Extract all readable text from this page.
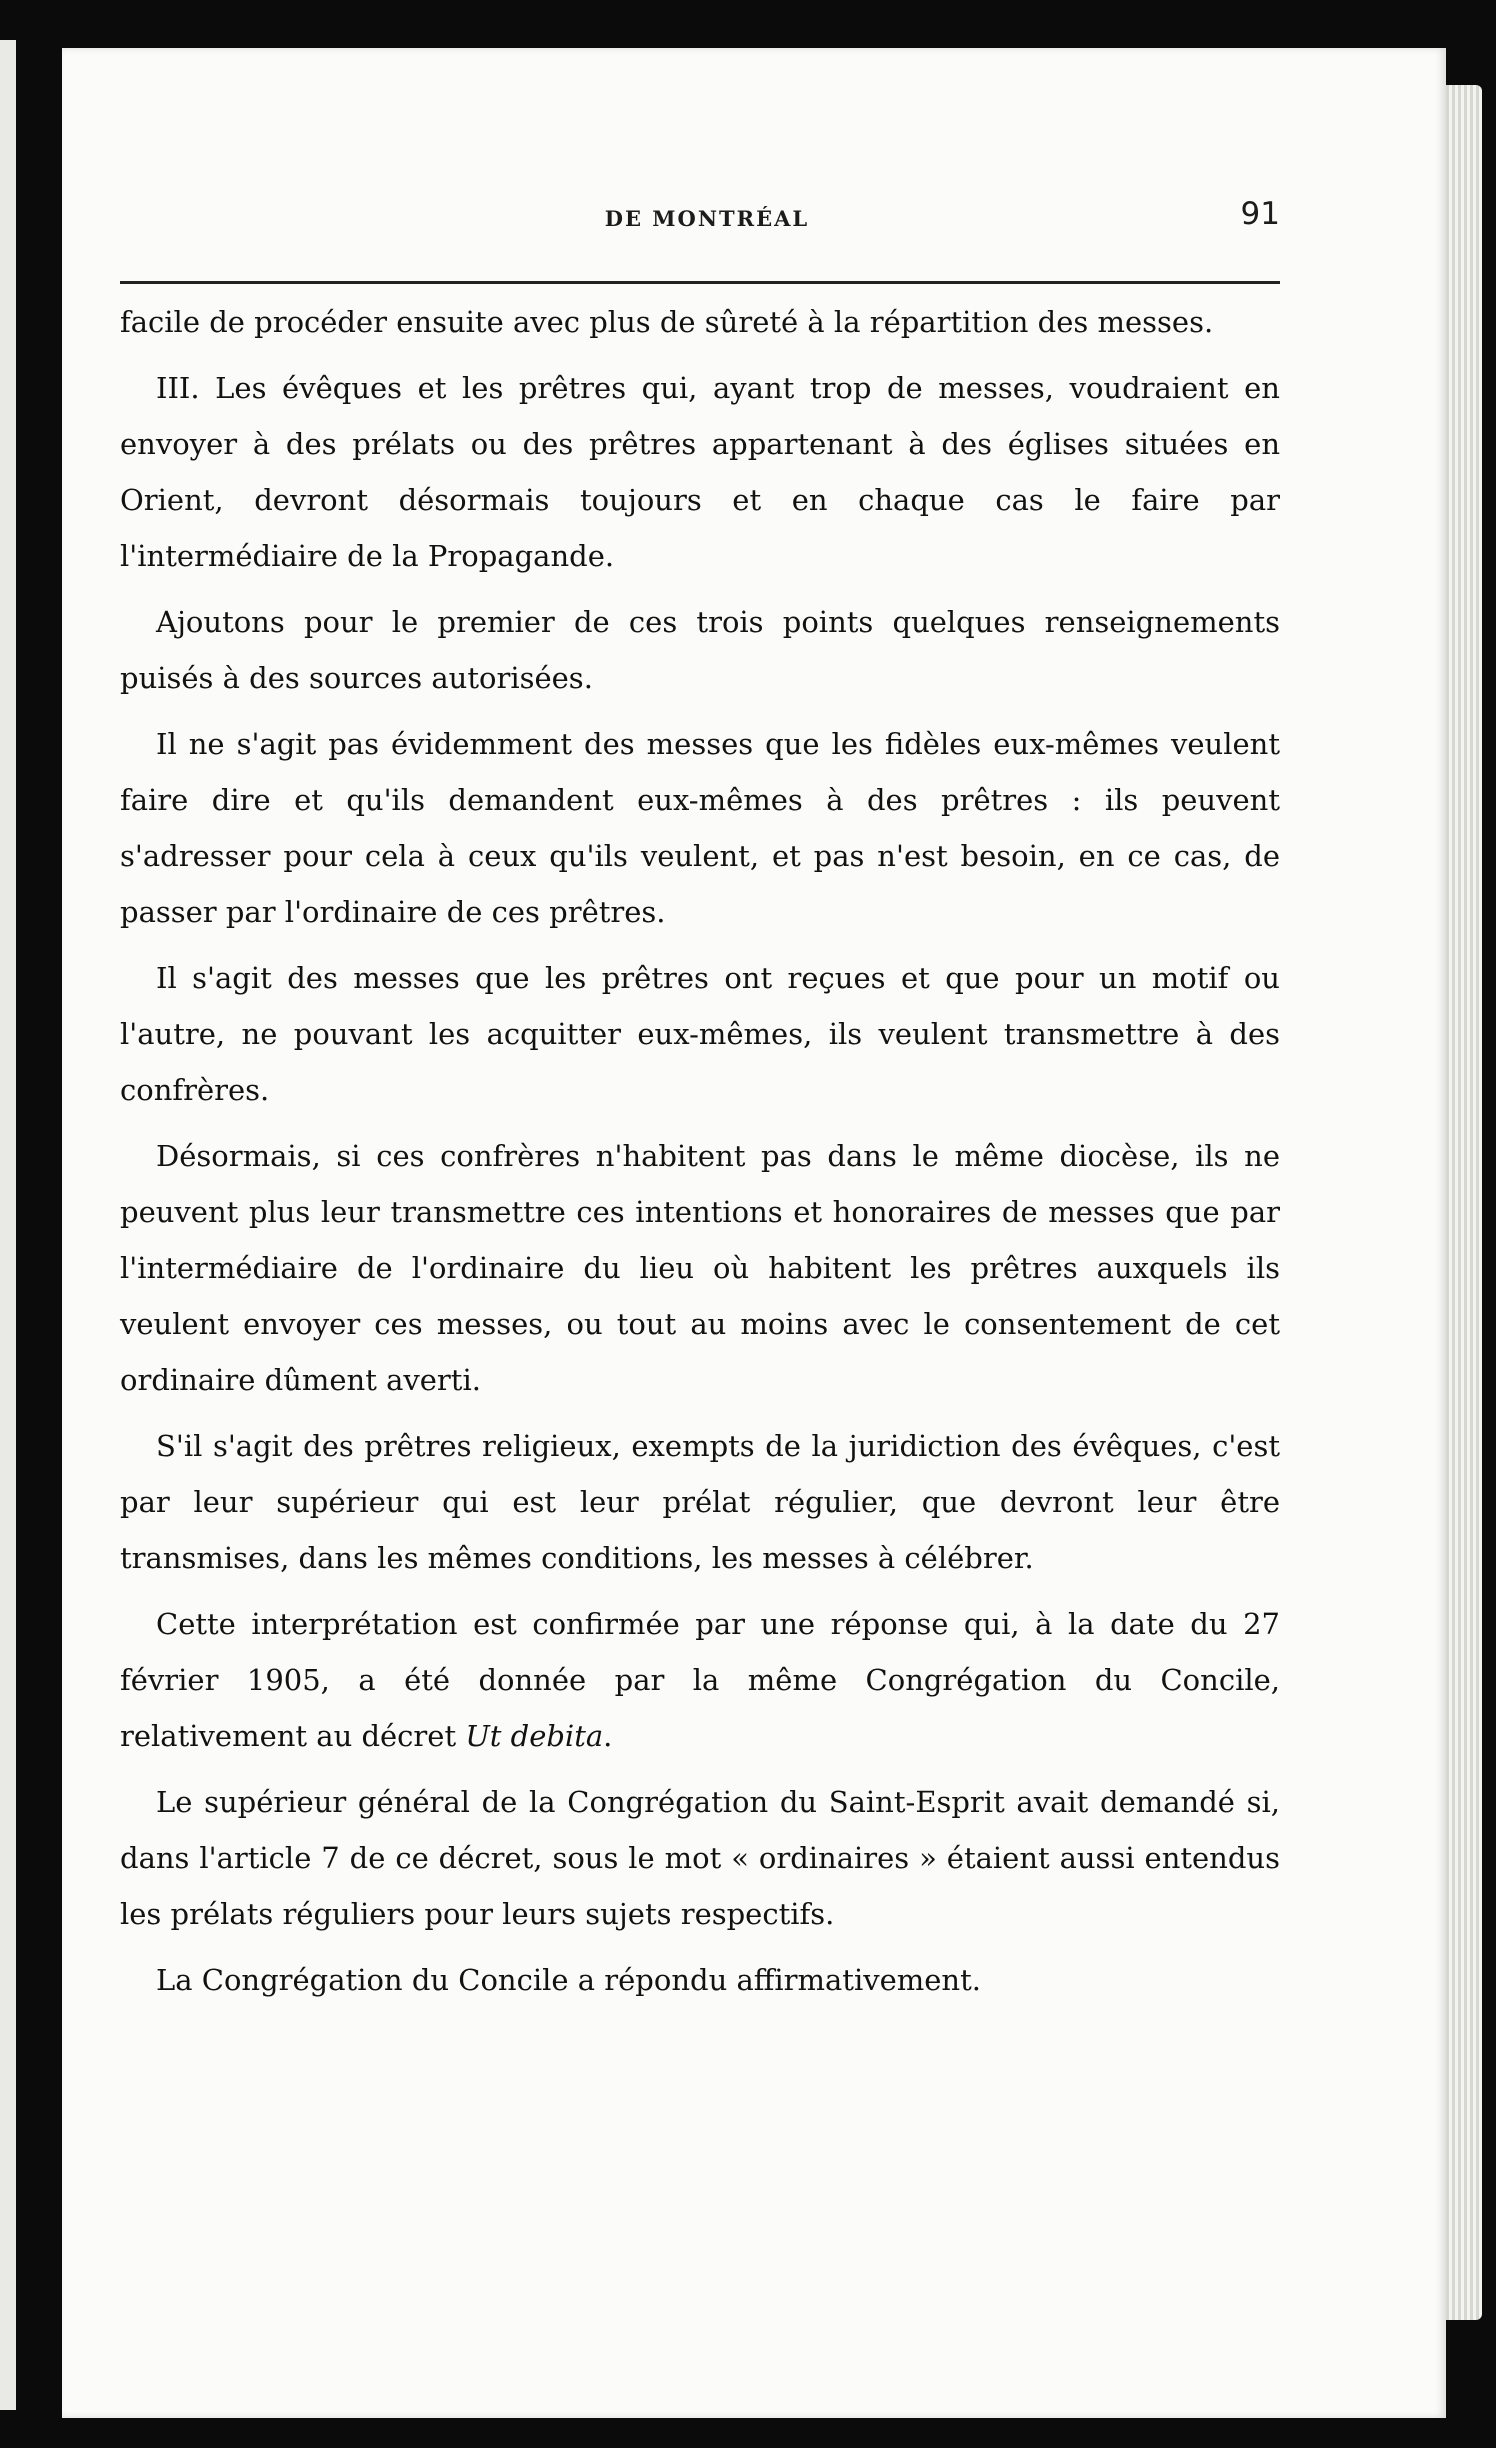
DE MONTRÉAL	91

facile de procéder ensuite avec plus de sûreté à la répartition des messes.

III. Les évêques et les prêtres qui, ayant trop de messes, voudraient en envoyer à des prélats ou des prêtres appartenant à des églises situées en Orient, devront désormais toujours et en chaque cas le faire par l'intermédiaire de la Propagande.

Ajoutons pour le premier de ces trois points quelques renseignements puisés à des sources autorisées.

Il ne s'agit pas évidemment des messes que les fidèles eux-mêmes veulent faire dire et qu'ils demandent eux-mêmes à des prêtres : ils peuvent s'adresser pour cela à ceux qu'ils veulent, et pas n'est besoin, en ce cas, de passer par l'ordinaire de ces prêtres.

Il s'agit des messes que les prêtres ont reçues et que pour un motif ou l'autre, ne pouvant les acquitter eux-mêmes, ils veulent transmettre à des confrères.

Désormais, si ces confrères n'habitent pas dans le même diocèse, ils ne peuvent plus leur transmettre ces intentions et honoraires de messes que par l'intermédiaire de l'ordinaire du lieu où habitent les prêtres auxquels ils veulent envoyer ces messes, ou tout au moins avec le consentement de cet ordinaire dûment averti.

S'il s'agit des prêtres religieux, exempts de la juridiction des évêques, c'est par leur supérieur qui est leur prélat régulier, que devront leur être transmises, dans les mêmes conditions, les messes à célébrer.

Cette interprétation est confirmée par une réponse qui, à la date du 27 février 1905, a été donnée par la même Congrégation du Concile, relativement au décret Ut debita.

Le supérieur général de la Congrégation du Saint-Esprit avait demandé si, dans l'article 7 de ce décret, sous le mot « ordinaires » étaient aussi entendus les prélats réguliers pour leurs sujets respectifs.

La Congrégation du Concile a répondu affirmativement.
